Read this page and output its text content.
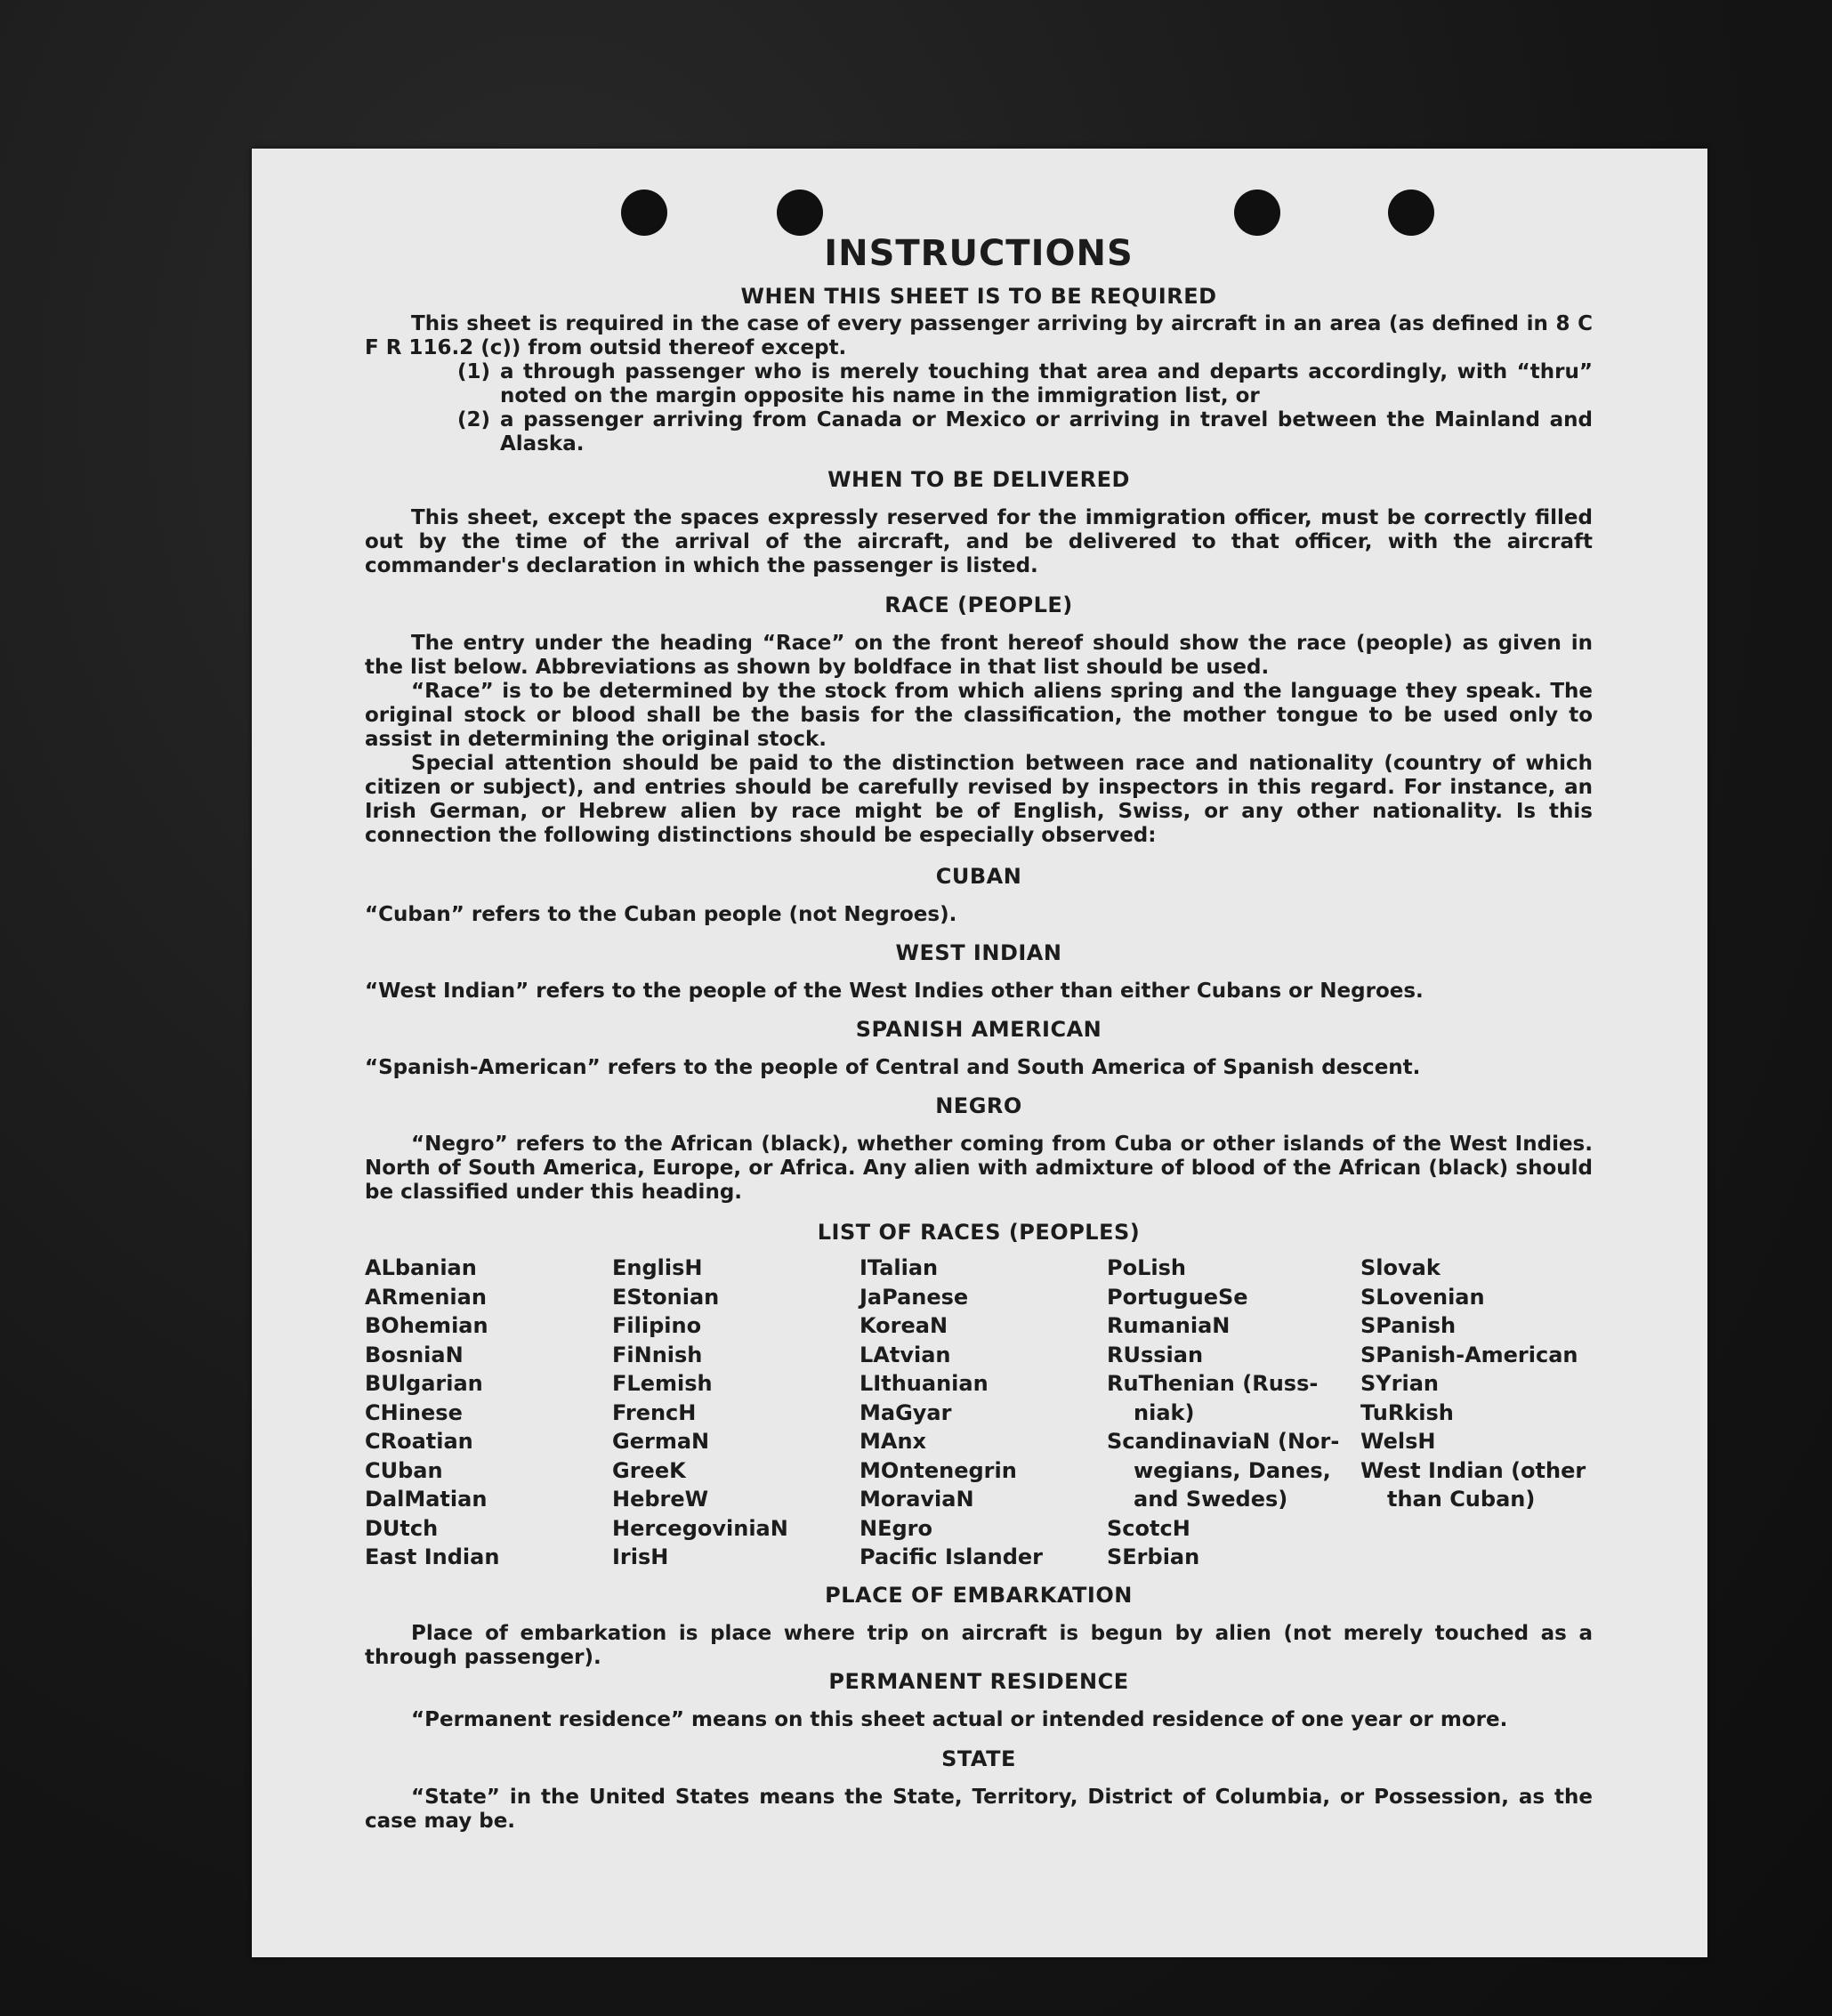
INSTRUCTIONS
WHEN THIS SHEET IS TO BE REQUIRED
This sheet is required in the case of every passenger arriving by aircraft in an area (as defined in 8 C F R 116.2 (c)) from outsid thereof except.
(1) a through passenger who is merely touching that area and departs accordingly, with “thru” noted on the margin opposite his name in the immigration list, or
(2) a passenger arriving from Canada or Mexico or arriving in travel between the Mainland and Alaska.
WHEN TO BE DELIVERED
This sheet, except the spaces expressly reserved for the immigration officer, must be correctly filled out by the time of the arrival of the aircraft, and be delivered to that officer, with the aircraft commander's declaration in which the passenger is listed.
RACE (PEOPLE)
The entry under the heading “Race” on the front hereof should show the race (people) as given in the list below. Abbreviations as shown by boldface in that list should be used.
“Race” is to be determined by the stock from which aliens spring and the language they speak. The original stock or blood shall be the basis for the classification, the mother tongue to be used only to assist in determining the original stock.
Special attention should be paid to the distinction between race and nationality (country of which citizen or subject), and entries should be carefully revised by inspectors in this regard. For instance, an Irish German, or Hebrew alien by race might be of English, Swiss, or any other nationality. Is this connection the following distinctions should be especially observed:
CUBAN
“Cuban” refers to the Cuban people (not Negroes).
WEST INDIAN
“West Indian” refers to the people of the West Indies other than either Cubans or Negroes.
SPANISH AMERICAN
“Spanish-American” refers to the people of Central and South America of Spanish descent.
NEGRO
“Negro” refers to the African (black), whether coming from Cuba or other islands of the West Indies. North of South America, Europe, or Africa. Any alien with admixture of blood of the African (black) should be classified under this heading.
LIST OF RACES (PEOPLES)
ALbanian
ARmenian
BOhemian
BosniaN
BUlgarian
CHinese
CRoatian
CUban
DalMatian
DUtch
East Indian
EnglisH
EStonian
Filipino
FiNnish
FLemish
FrencH
GermaN
GreeK
HebreW
HercegoviniaN
IrisH
ITalian
JaPanese
KoreaN
LAtvian
LIthuanian
MaGyar
MAnx
MOntenegrin
MoraviaN
NEgro
Pacific Islander
PoLish
PortugueSe
RumaniaN
RUssian
RuThenian (Russ-
niak)
ScandinaviaN (Nor-
wegians, Danes,
and Swedes)
ScotcH
SErbian
Slovak
SLovenian
SPanish
SPanish-American
SYrian
TuRkish
WelsH
West Indian (other
than Cuban)
PLACE OF EMBARKATION
Place of embarkation is place where trip on aircraft is begun by alien (not merely touched as a through passenger).
PERMANENT RESIDENCE
“Permanent residence” means on this sheet actual or intended residence of one year or more.
STATE
“State” in the United States means the State, Territory, District of Columbia, or Possession, as the case may be.
